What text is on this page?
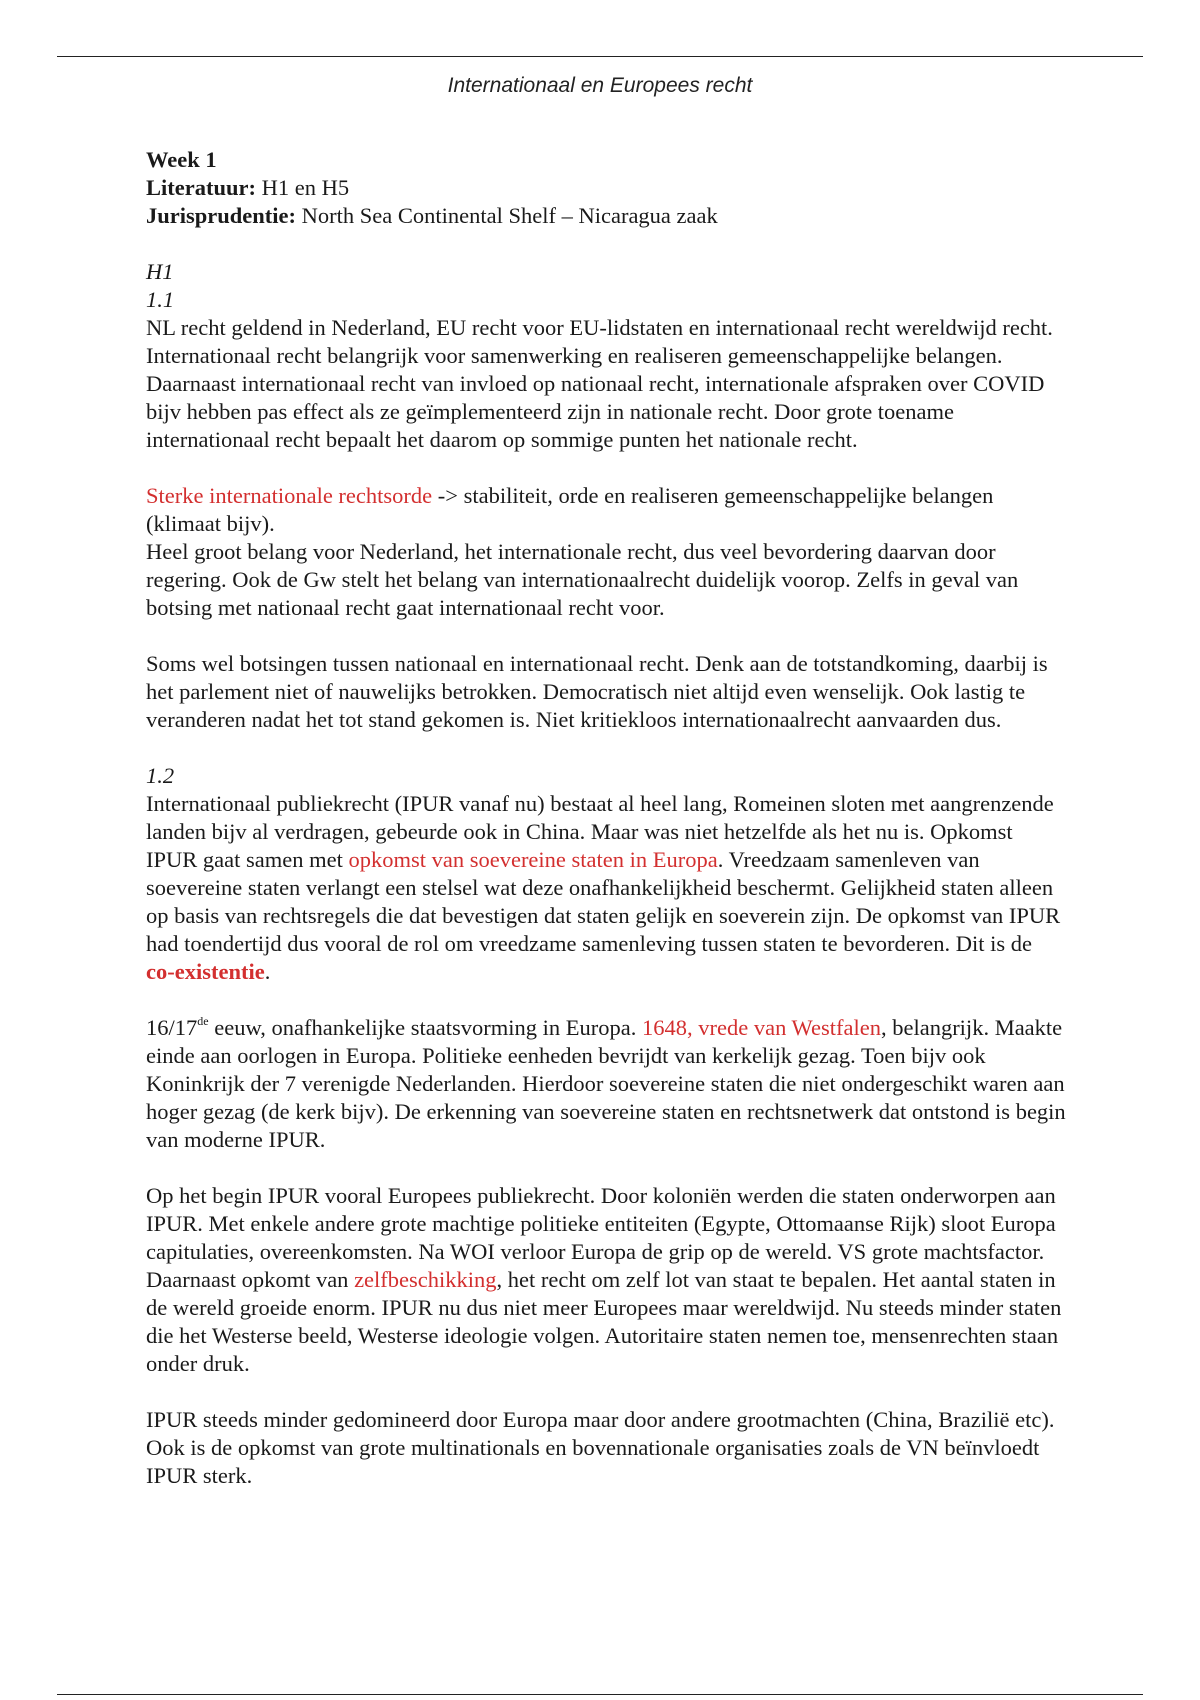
Internationaal en Europees recht

Week 1

Literatuur: H1 en H5

Jurisprudentie: North Sea Continental Shelf – Nicaragua zaak

H1

1.1

NL recht geldend in Nederland, EU recht voor EU-lidstaten en internationaal recht wereldwijd recht. Internationaal recht belangrijk voor samenwerking en realiseren gemeenschappelijke belangen.

Daarnaast internationaal recht van invloed op nationaal recht, internationale afspraken over COVID bijv hebben pas effect als ze geïmplementeerd zijn in nationale recht. Door grote toename internationaal recht bepaalt het daarom op sommige punten het nationale recht.

Sterke internationale rechtsorde -> stabiliteit, orde en realiseren gemeenschappelijke belangen (klimaat bijv).

Heel groot belang voor Nederland, het internationale recht, dus veel bevordering daarvan door regering. Ook de Gw stelt het belang van internationaalrecht duidelijk voorop. Zelfs in geval van botsing met nationaal recht gaat internationaal recht voor.

Soms wel botsingen tussen nationaal en internationaal recht. Denk aan de totstandkoming, daarbij is het parlement niet of nauwelijks betrokken. Democratisch niet altijd even wenselijk. Ook lastig te veranderen nadat het tot stand gekomen is. Niet kritiekloos internationaalrecht aanvaarden dus.

1.2

Internationaal publiekrecht (IPUR vanaf nu) bestaat al heel lang, Romeinen sloten met aangrenzende landen bijv al verdragen, gebeurde ook in China. Maar was niet hetzelfde als het nu is. Opkomst IPUR gaat samen met opkomst van soevereine staten in Europa. Vreedzaam samenleven van soevereine staten verlangt een stelsel wat deze onafhankelijkheid beschermt. Gelijkheid staten alleen op basis van rechtsregels die dat bevestigen dat staten gelijk en soeverein zijn. De opkomst van IPUR had toendertijd dus vooral de rol om vreedzame samenleving tussen staten te bevorderen. Dit is de co-existentie.

16/17de eeuw, onafhankelijke staatsvorming in Europa. 1648, vrede van Westfalen, belangrijk. Maakte einde aan oorlogen in Europa. Politieke eenheden bevrijdt van kerkelijk gezag. Toen bijv ook Koninkrijk der 7 verenigde Nederlanden. Hierdoor soevereine staten die niet ondergeschikt waren aan hoger gezag (de kerk bijv). De erkenning van soevereine staten en rechtsnetwerk dat ontstond is begin van moderne IPUR.

Op het begin IPUR vooral Europees publiekrecht. Door koloniën werden die staten onderworpen aan IPUR. Met enkele andere grote machtige politieke entiteiten (Egypte, Ottomaanse Rijk) sloot Europa capitulaties, overeenkomsten. Na WOI verloor Europa de grip op de wereld. VS grote machtsfactor. Daarnaast opkomt van zelfbeschikking, het recht om zelf lot van staat te bepalen. Het aantal staten in de wereld groeide enorm. IPUR nu dus niet meer Europees maar wereldwijd. Nu steeds minder staten die het Westerse beeld, Westerse ideologie volgen. Autoritaire staten nemen toe, mensenrechten staan onder druk.

IPUR steeds minder gedomineerd door Europa maar door andere grootmachten (China, Brazilië etc). Ook is de opkomst van grote multinationals en bovennationale organisaties zoals de VN beïnvloedt IPUR sterk.
